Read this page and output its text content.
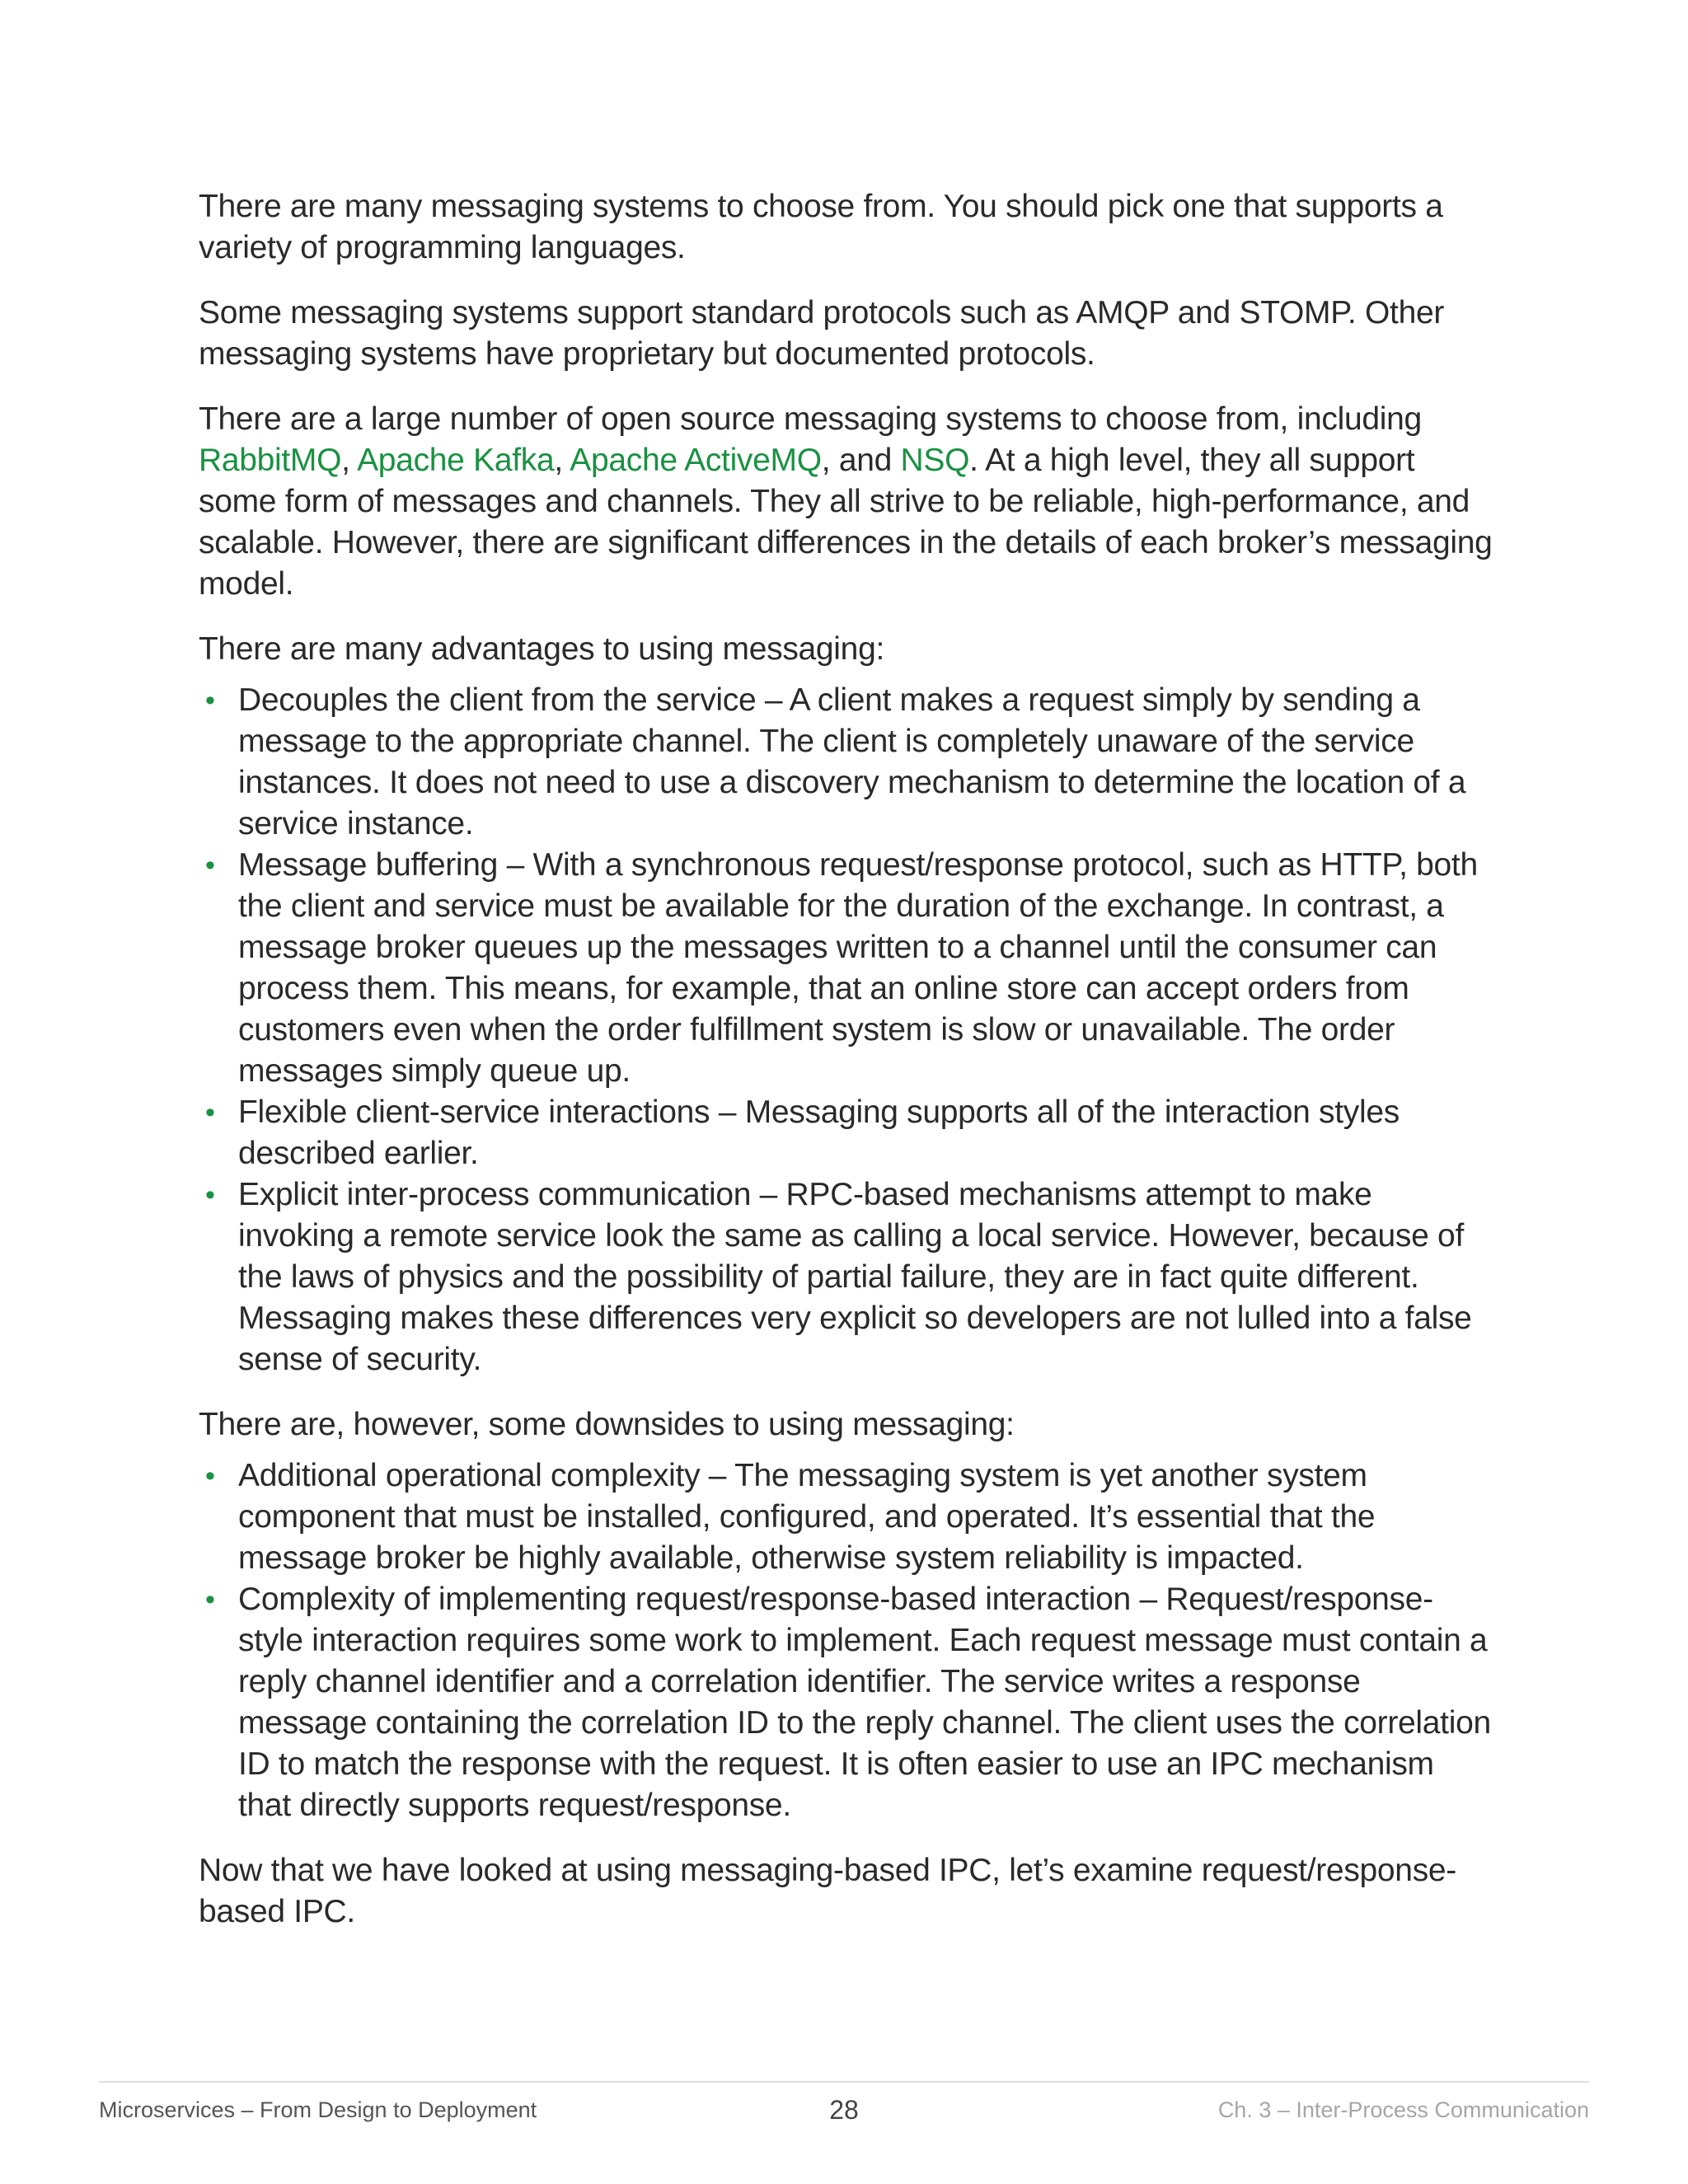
There are many messaging systems to choose from. You should pick one that supports a variety of programming languages.

Some messaging systems support standard protocols such as AMQP and STOMP. Other messaging systems have proprietary but documented protocols.

There are a large number of open source messaging systems to choose from, including RabbitMQ, Apache Kafka, Apache ActiveMQ, and NSQ. At a high level, they all support some form of messages and channels. They all strive to be reliable, high-performance, and scalable. However, there are significant differences in the details of each broker’s messaging model.

There are many advantages to using messaging:

• Decouples the client from the service – A client makes a request simply by sending a message to the appropriate channel. The client is completely unaware of the service instances. It does not need to use a discovery mechanism to determine the location of a service instance.
• Message buffering – With a synchronous request/response protocol, such as HTTP, both the client and service must be available for the duration of the exchange. In contrast, a message broker queues up the messages written to a channel until the consumer can process them. This means, for example, that an online store can accept orders from customers even when the order fulfillment system is slow or unavailable. The order messages simply queue up.
• Flexible client-service interactions – Messaging supports all of the interaction styles described earlier.
• Explicit inter-process communication – RPC-based mechanisms attempt to make invoking a remote service look the same as calling a local service. However, because of the laws of physics and the possibility of partial failure, they are in fact quite different. Messaging makes these differences very explicit so developers are not lulled into a false sense of security.

There are, however, some downsides to using messaging:

• Additional operational complexity – The messaging system is yet another system component that must be installed, configured, and operated. It’s essential that the message broker be highly available, otherwise system reliability is impacted.
• Complexity of implementing request/response-based interaction – Request/response-style interaction requires some work to implement. Each request message must contain a reply channel identifier and a correlation identifier. The service writes a response message containing the correlation ID to the reply channel. The client uses the correlation ID to match the response with the request. It is often easier to use an IPC mechanism that directly supports request/response.

Now that we have looked at using messaging-based IPC, let’s examine request/response-based IPC.

Microservices – From Design to Deployment	28	Ch. 3 – Inter-Process Communication
